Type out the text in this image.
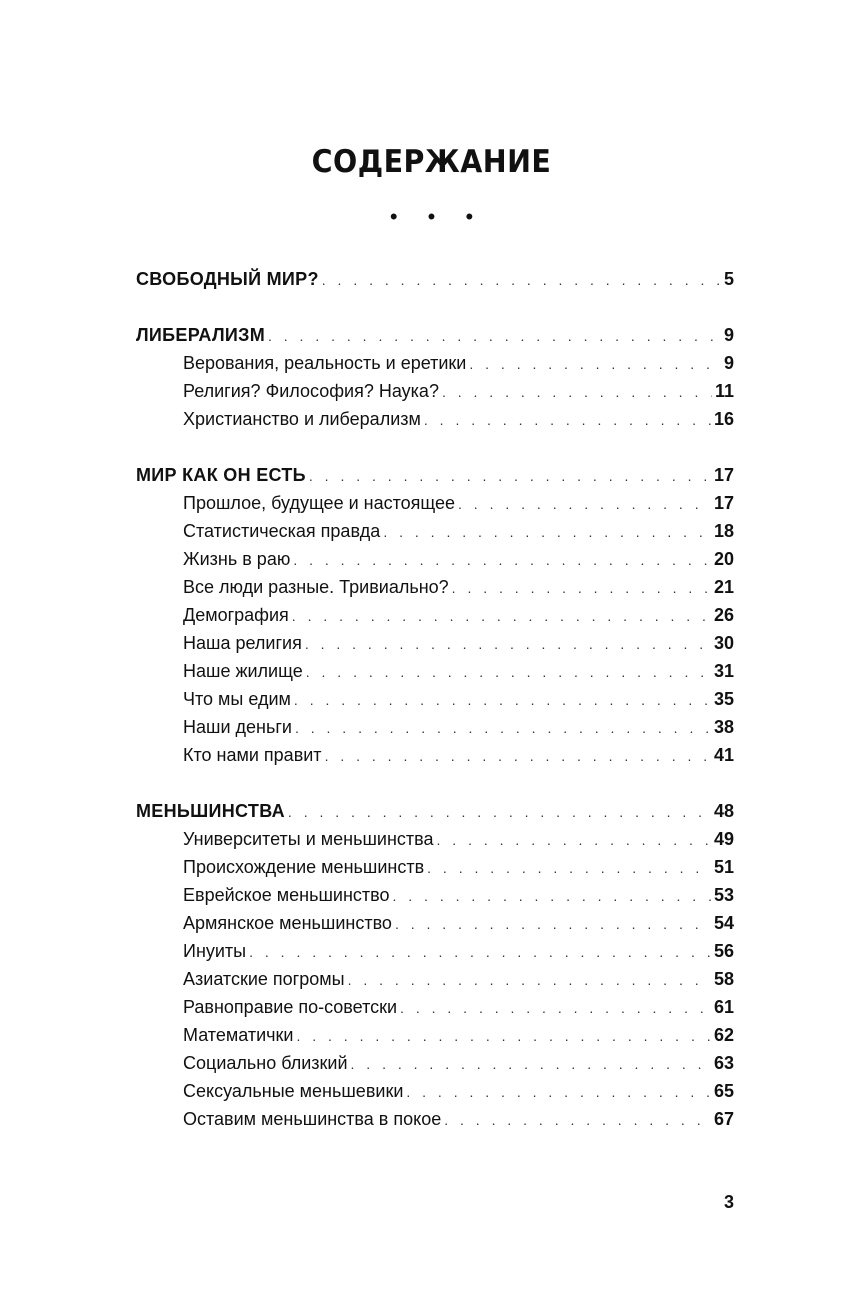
СОДЕРЖАНИЕ
• • •
СВОБОДНЫЙ МИР? . . .	5
ЛИБЕРАЛИЗМ . . .	9
Верования, реальность и еретики . . .	9
Религия? Философия? Наука? . . .	11
Христианство и либерализм . . .	16
МИР КАК ОН ЕСТЬ . . .	17
Прошлое, будущее и настоящее . . .	17
Статистическая правда . . .	18
Жизнь в раю . . .	20
Все люди разные. Тривиально? . . .	21
Демография . . .	26
Наша религия . . .	30
Наше жилище . . .	31
Что мы едим . . .	35
Наши деньги . . .	38
Кто нами правит . . .	41
МЕНЬШИНСТВА . . .	48
Университеты и меньшинства . . .	49
Происхождение меньшинств . . .	51
Еврейское меньшинство . . .	53
Армянское меньшинство . . .	54
Инуиты . . .	56
Азиатские погромы . . .	58
Равноправие по-советски . . .	61
Математички . . .	62
Социально близкий . . .	63
Сексуальные меньшевики . . .	65
Оставим меньшинства в покое . . .	67
3
